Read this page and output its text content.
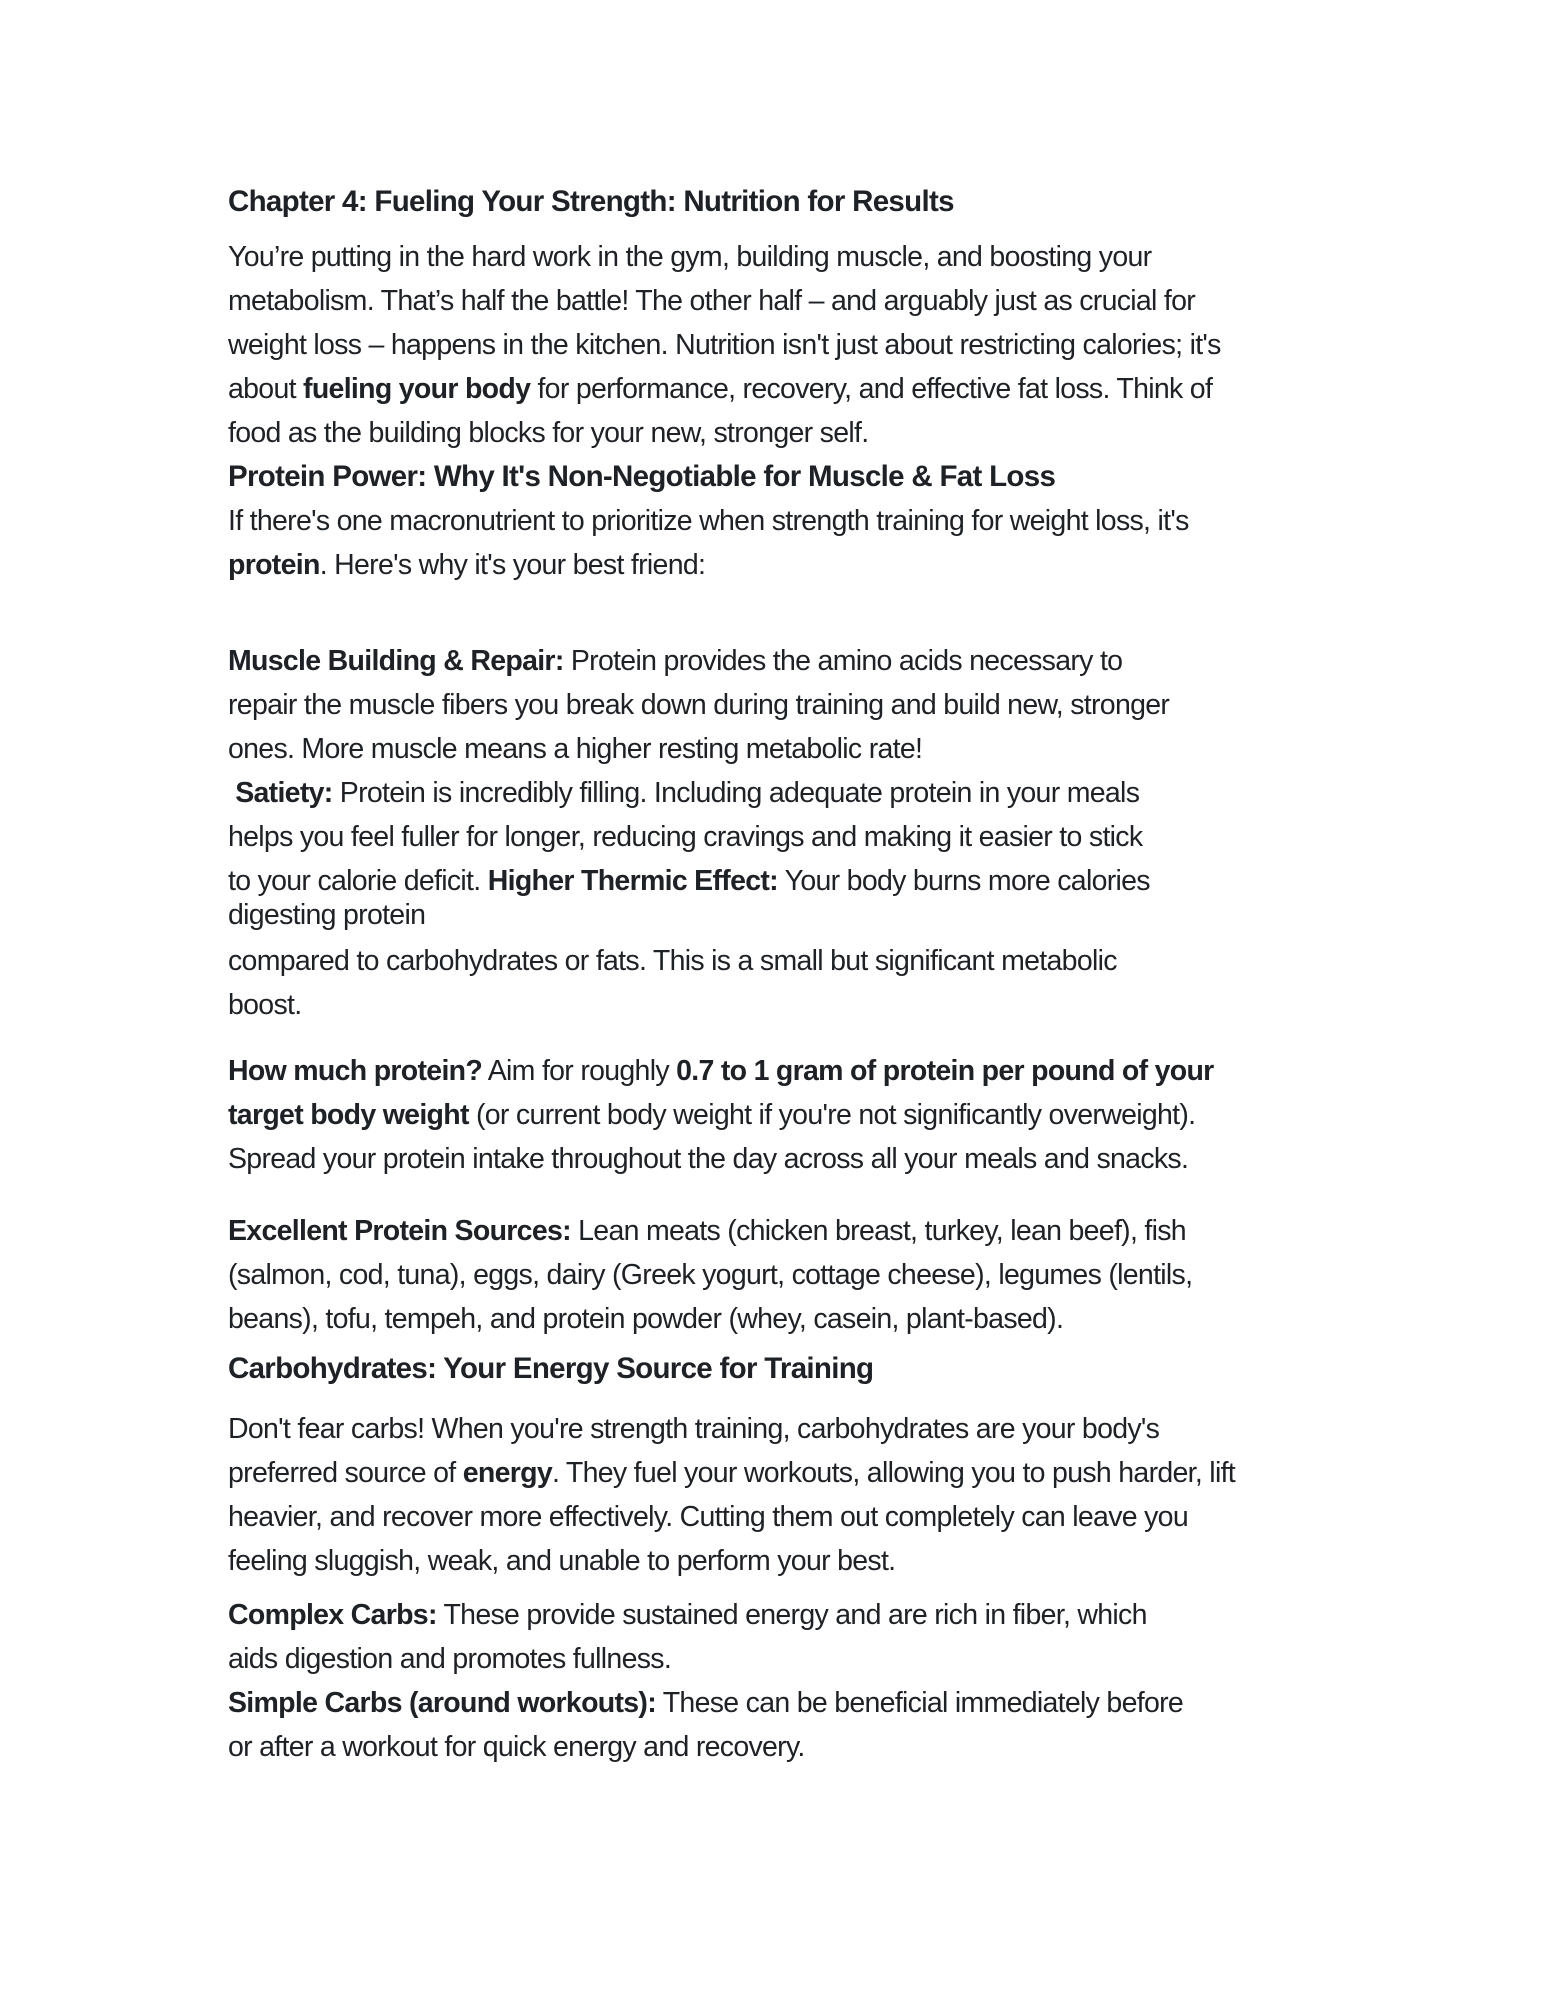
Chapter 4: Fueling Your Strength: Nutrition for Results
You’re putting in the hard work in the gym, building muscle, and boosting your
metabolism. That’s half the battle! The other half – and arguably just as crucial for
weight loss – happens in the kitchen. Nutrition isn't just about restricting calories; it's
about fueling your body for performance, recovery, and effective fat loss. Think of
food as the building blocks for your new, stronger self.
Protein Power: Why It's Non-Negotiable for Muscle & Fat Loss
If there's one macronutrient to prioritize when strength training for weight loss, it's
protein. Here's why it's your best friend:
Muscle Building & Repair: Protein provides the amino acids necessary to
repair the muscle fibers you break down during training and build new, stronger
ones. More muscle means a higher resting metabolic rate!
Satiety: Protein is incredibly filling. Including adequate protein in your meals
helps you feel fuller for longer, reducing cravings and making it easier to stick
to your calorie deficit. Higher Thermic Effect: Your body burns more calories
digesting protein
compared to carbohydrates or fats. This is a small but significant metabolic
boost.
How much protein? Aim for roughly 0.7 to 1 gram of protein per pound of your
target body weight (or current body weight if you're not significantly overweight).
Spread your protein intake throughout the day across all your meals and snacks.
Excellent Protein Sources: Lean meats (chicken breast, turkey, lean beef), fish
(salmon, cod, tuna), eggs, dairy (Greek yogurt, cottage cheese), legumes (lentils,
beans), tofu, tempeh, and protein powder (whey, casein, plant-based).
Carbohydrates: Your Energy Source for Training
Don't fear carbs! When you're strength training, carbohydrates are your body's
preferred source of energy. They fuel your workouts, allowing you to push harder, lift
heavier, and recover more effectively. Cutting them out completely can leave you
feeling sluggish, weak, and unable to perform your best.
Complex Carbs: These provide sustained energy and are rich in fiber, which
aids digestion and promotes fullness.
Simple Carbs (around workouts): These can be beneficial immediately before
or after a workout for quick energy and recovery.
